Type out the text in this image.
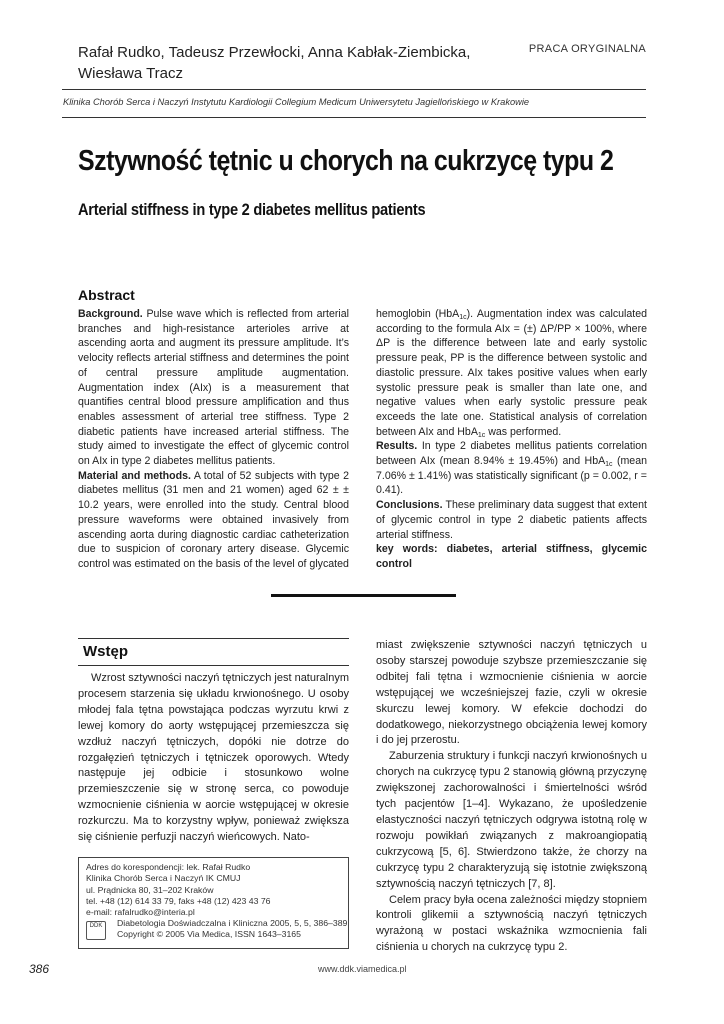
Rafał Rudko, Tadeusz Przewłocki, Anna Kabłak-Ziembicka,
Wiesława Tracz
PRACA ORYGINALNA
Klinika Chorób Serca i Naczyń Instytutu Kardiologii Collegium Medicum Uniwersytetu Jagiellońskiego w Krakowie
Sztywność tętnic u chorych na cukrzycę typu 2
Arterial stiffness in type 2 diabetes mellitus patients
Abstract

Background. Pulse wave which is reflected from arterial branches and high-resistance arterioles arrive at ascending aorta and augment its pressure amplitude. It’s velocity reflects arterial stiffness and determines the point of central pressure amplitude augmentation. Augmentation index (AIx) is a measurement that quantifies central blood pressure amplification and thus enables assessment of arterial tree stiffness. Type 2 diabetic patients have increased arterial stiffness. The study aimed to investigate the effect of glycemic control on AIx in type 2 diabetes mellitus patients.

Material and methods. A total of 52 subjects with type 2 diabetes mellitus (31 men and 21 women) aged 62 ± ± 10.2 years, were enrolled into the study. Central blood pressure waveforms were obtained invasively from ascending aorta during diagnostic cardiac catheterization due to suspicion of coronary artery disease. Glycemic control was estimated on the basis of the level of glycated

hemoglobin (HbA$_{1c}$). Augmentation index was calculated according to the formula AIx = (±) ΔP/PP × 100%, where ΔP is the difference between late and early systolic pressure peak, PP is the difference between systolic and diastolic pressure. AIx takes positive values when early systolic pressure peak is smaller than late one, and negative values when early systolic pressure peak exceeds the late one. Statistical analysis of correlation between AIx and HbA$_{1c}$ was performed.

Results. In type 2 diabetes mellitus patients correlation between AIx (mean 8.94% ± 19.45%) and HbA$_{1c}$ (mean 7.06% ± 1.41%) was statistically significant (p = 0.002, r = 0.41).

Conclusions. These preliminary data suggest that extent of glycemic control in type 2 diabetic patients affects arterial stiffness.

key words: diabetes, arterial stiffness, glycemic control

Wstęp

Wzrost sztywności naczyń tętniczych jest naturalnym procesem starzenia się układu krwionośnego. U osoby młodej fala tętna powstająca podczas wyrzutu krwi z lewej komory do aorty wstępującej przemieszcza się wzdłuż naczyń tętniczych, dopóki nie dotrze do rozgałęzień tętniczych i tętniczek oporowych. Wtedy następuje jej odbicie i stosunkowo wolne przemieszczenie się w stronę serca, co powoduje wzmocnienie ciśnienia w aorcie wstępującej w okresie rozkurczu. Ma to korzystny wpływ, ponieważ zwiększa się ciśnienie perfuzji naczyń wieńcowych. Nato-

miast zwiększenie sztywności naczyń tętniczych u osoby starszej powoduje szybsze przemieszczanie się odbitej fali tętna i wzmocnienie ciśnienia w aorcie wstępującej we wcześniejszej fazie, czyli w okresie skurczu lewej komory. W efekcie dochodzi do dodatkowego, niekorzystnego obciążenia lewej komory i do jej przerostu.

Zaburzenia struktury i funkcji naczyń krwionośnych u chorych na cukrzycę typu 2 stanowią główną przyczynę zwiększonej zachorowalności i śmiertelności wśród tych pacjentów [1–4]. Wykazano, że upośledzenie elastyczności naczyń tętniczych odgrywa istotną rolę w rozwoju powikłań związanych z makroangiopatią cukrzycową [5, 6]. Stwierdzono także, że chorzy na cukrzycę typu 2 charakteryzują się istotnie zwiększoną sztywnością naczyń tętniczych [7, 8].

Celem pracy była ocena zależności między stopniem kontroli glikemii a sztywnością naczyń tętniczych wyrażoną w postaci wskaźnika wzmocnienia fali ciśnienia u chorych na cukrzycę typu 2.

Adres do korespondencji: lek. Rafał Rudko
Klinika Chorób Serca i Naczyń IK CMUJ
ul. Prądnicka 80, 31–202 Kraków
tel. +48 (12) 614 33 79, faks +48 (12) 423 43 76
e-mail: rafalrudko@interia.pl
DDK	Diabetologia Doświadczalna i Kliniczna 2005, 5, 5, 386–389
Copyright © 2005 Via Medica, ISSN 1643–3165
386	www.ddk.viamedica.pl
